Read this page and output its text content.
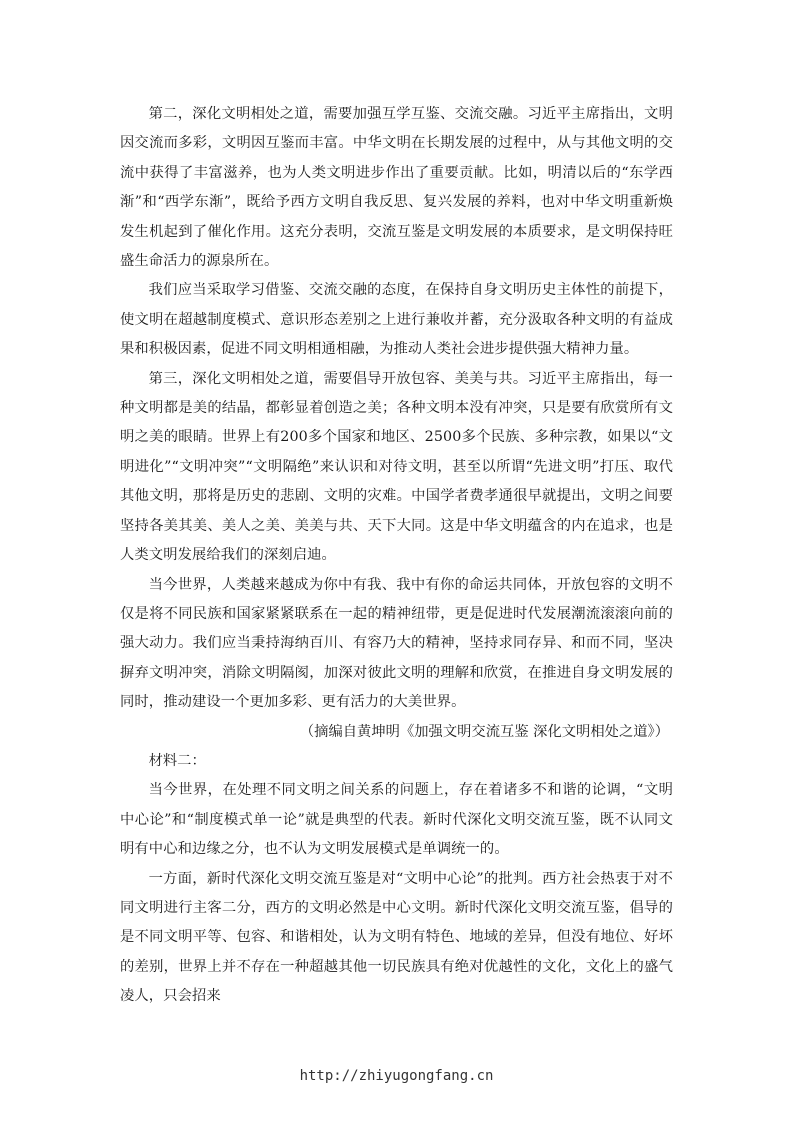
第二，深化文明相处之道，需要加强互学互鉴、交流交融。习近平主席指出，文明因交流而多彩，文明因互鉴而丰富。中华文明在长期发展的过程中，从与其他文明的交流中获得了丰富滋养，也为人类文明进步作出了重要贡献。比如，明清以后的“东学西渐”和“西学东渐”，既给予西方文明自我反思、复兴发展的养料，也对中华文明重新焕发生机起到了催化作用。这充分表明，交流互鉴是文明发展的本质要求，是文明保持旺盛生命活力的源泉所在。

我们应当采取学习借鉴、交流交融的态度，在保持自身文明历史主体性的前提下，使文明在超越制度模式、意识形态差别之上进行兼收并蓄，充分汲取各种文明的有益成果和积极因素，促进不同文明相通相融，为推动人类社会进步提供强大精神力量。

第三，深化文明相处之道，需要倡导开放包容、美美与共。习近平主席指出，每一种文明都是美的结晶，都彰显着创造之美；各种文明本没有冲突，只是要有欣赏所有文明之美的眼睛。世界上有200多个国家和地区、2500多个民族、多种宗教，如果以“文明进化”“文明冲突”“文明隔绝”来认识和对待文明，甚至以所谓“先进文明”打压、取代其他文明，那将是历史的悲剧、文明的灾难。中国学者费孝通很早就提出，文明之间要坚持各美其美、美人之美、美美与共、天下大同。这是中华文明蕴含的内在追求，也是人类文明发展给我们的深刻启迪。

当今世界，人类越来越成为你中有我、我中有你的命运共同体，开放包容的文明不仅是将不同民族和国家紧紧联系在一起的精神纽带，更是促进时代发展潮流滚滚向前的强大动力。我们应当秉持海纳百川、有容乃大的精神，坚持求同存异、和而不同，坚决摒弃文明冲突，消除文明隔阂，加深对彼此文明的理解和欣赏，在推进自身文明发展的同时，推动建设一个更加多彩、更有活力的大美世界。

（摘编自黄坤明《加强文明交流互鉴 深化文明相处之道》）

材料二：

当今世界，在处理不同文明之间关系的问题上，存在着诸多不和谐的论调，“文明中心论”和“制度模式单一论”就是典型的代表。新时代深化文明交流互鉴，既不认同文明有中心和边缘之分，也不认为文明发展模式是单调统一的。

一方面，新时代深化文明交流互鉴是对“文明中心论”的批判。西方社会热衷于对不同文明进行主客二分，西方的文明必然是中心文明。新时代深化文明交流互鉴，倡导的是不同文明平等、包容、和谐相处，认为文明有特色、地域的差异，但没有地位、好坏的差别，世界上并不存在一种超越其他一切民族具有绝对优越性的文化，文化上的盛气凌人，只会招来

http://zhiyugongfang.cn
